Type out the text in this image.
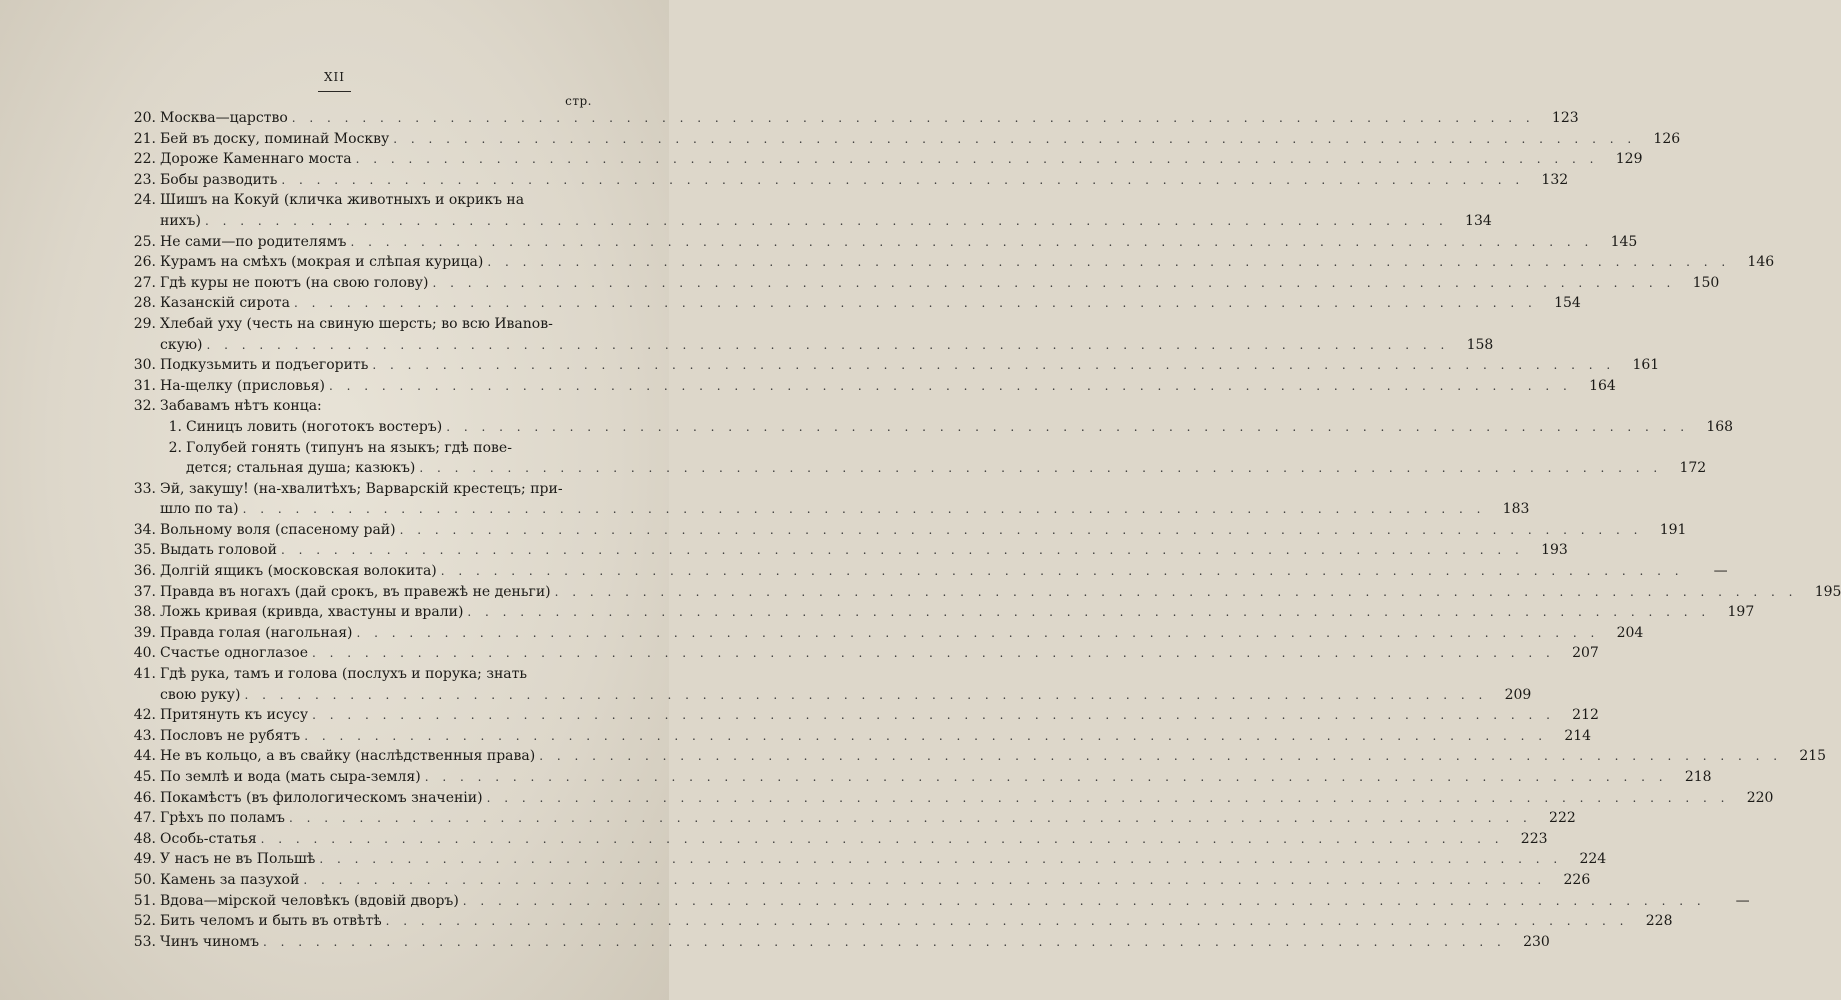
XII
стр.
20. Москва—царство . . .	123
21. Бей въ доску, поминай Москву . . .	126
22. Дороже Каменнаго моста . . .	129
23. Бобы разводить . . .	132
24. Шишъ на Кокуй (кличка животныхъ и окрикъ на
нихъ) . . .	134
25. Не сами—по родителямъ . . .	145
26. Курамъ на смѣхъ (мокрая и слѣпая курица) . . .	146
27. Гдѣ куры не поютъ (на свою голову) . . .	150
28. Казанскій сирота . . .	154
29. Хлебай уху (честь на свиную шерсть; во всю Ивanов-
скую) . . .	158
30. Подкузьмить и подъегорить . . .	161
31. На-щелку (присловья) . . .	164
32. Забавамъ нѣтъ конца:
1. Синицъ ловить (ноготокъ востеръ) . . .	168
2. Голубей гонять (типунъ на языкъ; гдѣ пове-
дется; стальная душа; казюкъ) . . .	172
33. Эй, закушу! (на-хвалитѣхъ; Варварскій крестецъ; при-
шло по та) . . .	183
34. Вольному воля (спасеному рай) . . .	191
35. Выдать головой . . .	193
36. Долгій ящикъ (московская волокита) . . .	—
37. Правда въ ногахъ (дай срокъ, въ правежѣ не деньги) . . .	195
38. Ложь кривая (кривда, хвастуны и врали) . . .	197
39. Правда голая (нагольная) . . .	204
40. Счастье одноглазое . . .	207
41. Гдѣ рука, тамъ и голова (послухъ и порука; знать
свою руку) . . .	209
42. Притянуть къ исусу . . .	212
43. Пословъ не рубятъ . . .	214
44. Не въ кольцо, а въ свайку (наслѣдственныя права) . . .	215
45. По землѣ и вода (мать сыра-земля) . . .	218
46. Покамѣстъ (въ филологическомъ значеніи) . . .	220
47. Грѣхъ по поламъ . . .	222
48. Особь-статья . . .	223
49. У насъ не въ Польшѣ . . .	224
50. Камень за пазухой . . .	226
51. Вдова—мірской человѣкъ (вдовій дворъ) . . .	—
52. Бить челомъ и быть въ отвѣтѣ . . .	228
53. Чинъ чиномъ . . .	230
